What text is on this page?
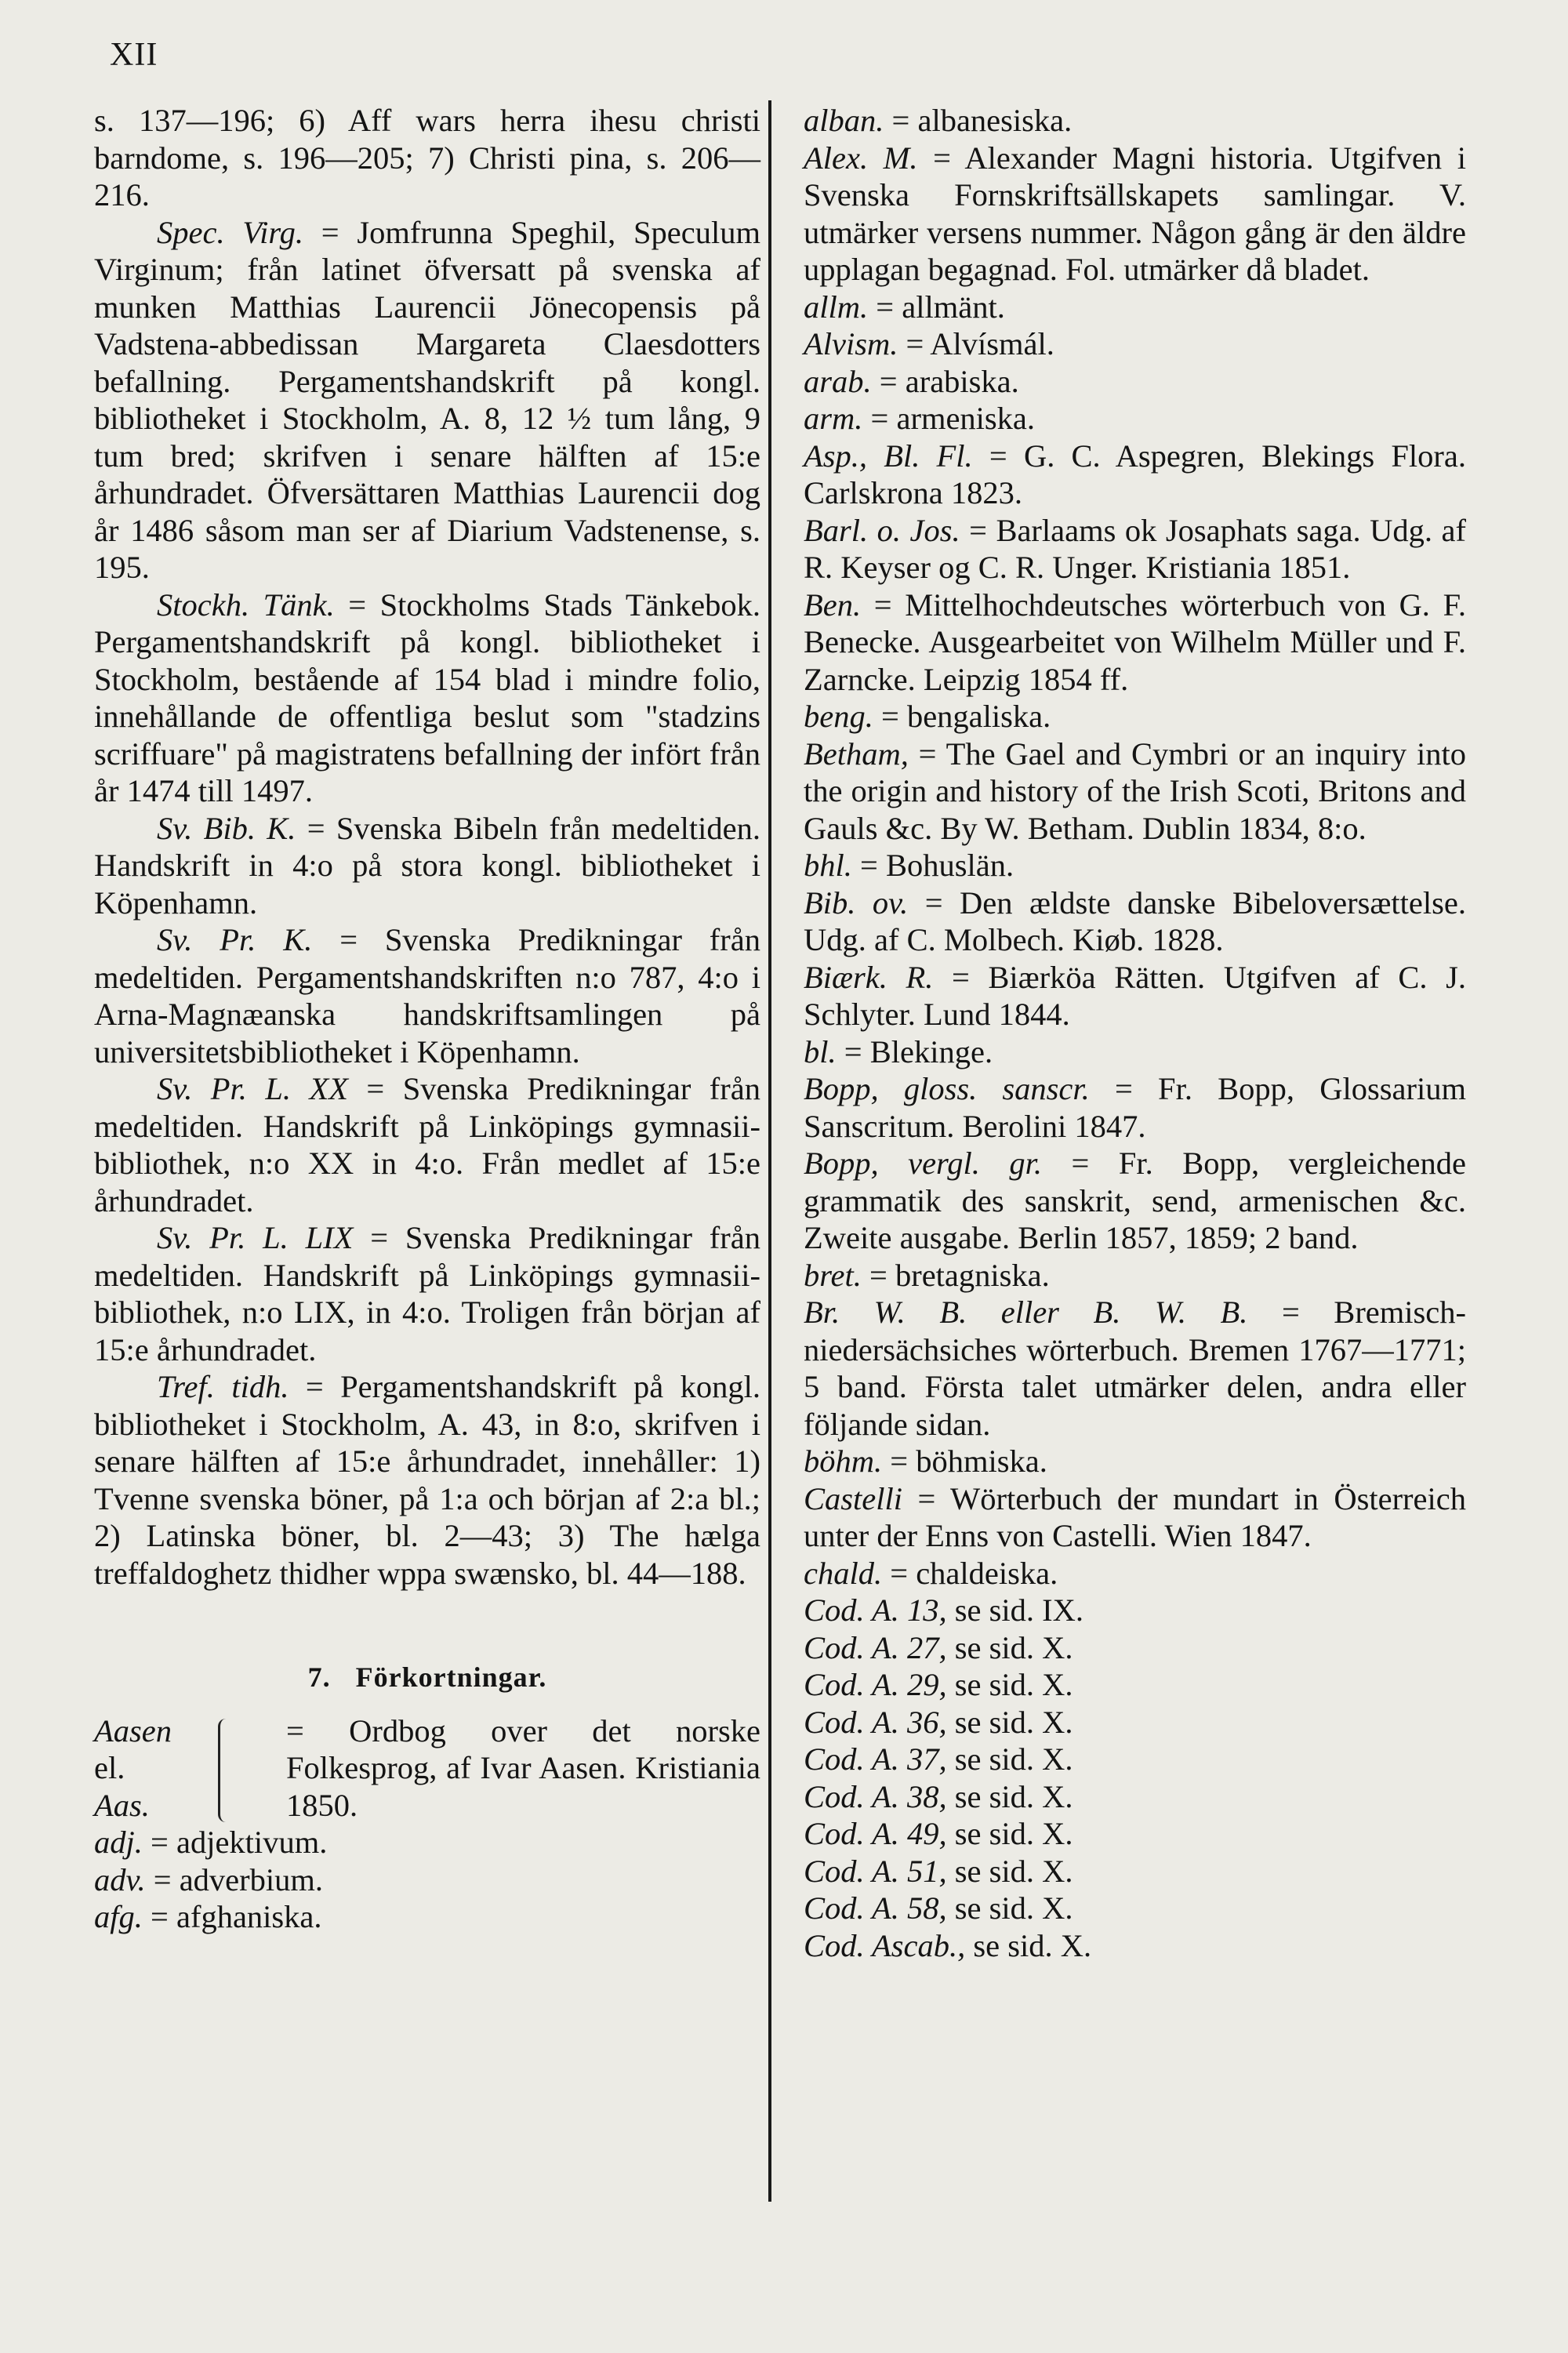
XII

s. 137—196; 6) Aff wars herra ihesu christi barndome, s. 196—205; 7) Christi pina, s. 206—216.

Spec. Virg. = Jomfrunna Speghil, Speculum Virginum; från latinet öfversatt på svenska af munken Matthias Laurencii Jönecopensis på Vadstena-abbedissan Margareta Claesdotters befallning. Pergamentshandskrift på kongl. bibliotheket i Stockholm, A. 8, 12 ½ tum lång, 9 tum bred; skrifven i senare hälften af 15:e århundradet. Öfversättaren Matthias Laurencii dog år 1486 såsom man ser af Diarium Vadstenense, s. 195.

Stockh. Tänk. = Stockholms Stads Tänkebok. Pergamentshandskrift på kongl. bibliotheket i Stockholm, bestående af 154 blad i mindre folio, innehållande de offentliga beslut som "stadzins scriffuare" på magistratens befallning der infört från år 1474 till 1497.

Sv. Bib. K. = Svenska Bibeln från medeltiden. Handskrift in 4:o på stora kongl. bibliotheket i Köpenhamn.

Sv. Pr. K. = Svenska Predikningar från medeltiden. Pergamentshandskriften n:o 787, 4:o i Arna-Magnæanska handskriftsamlingen på universitetsbibliotheket i Köpenhamn.

Sv. Pr. L. XX = Svenska Predikningar från medeltiden. Handskrift på Linköpings gymnasii-bibliothek, n:o XX in 4:o. Från medlet af 15:e århundradet.

Sv. Pr. L. LIX = Svenska Predikningar från medeltiden. Handskrift på Linköpings gymnasii-bibliothek, n:o LIX, in 4:o. Troligen från början af 15:e århundradet.

Tref. tidh. = Pergamentshandskrift på kongl. bibliotheket i Stockholm, A. 43, in 8:o, skrifven i senare hälften af 15:e århundradet, innehåller: 1) Tvenne svenska böner, på 1:a och början af 2:a bl.; 2) Latinska böner, bl. 2—43; 3) The hælga treffaldoghetz thidher wppa swænsko, bl. 44—188.

7. Förkortningar.
Aasen
el.
Aas.
= Ordbog over det norske Folkesprog, af Ivar Aasen. Kristiania 1850.

adj. = adjektivum.

adv. = adverbium.

afg. = afghaniska.

alban. = albanesiska.

Alex. M. = Alexander Magni historia. Utgifven i Svenska Fornskriftsällskapets samlingar. V. utmärker versens nummer. Någon gång är den äldre upplagan begagnad. Fol. utmärker då bladet.

allm. = allmänt.

Alvism. = Alvísmál.

arab. = arabiska.

arm. = armeniska.

Asp., Bl. Fl. = G. C. Aspegren, Blekings Flora. Carlskrona 1823.

Barl. o. Jos. = Barlaams ok Josaphats saga. Udg. af R. Keyser og C. R. Unger. Kristiania 1851.

Ben. = Mittelhochdeutsches wörterbuch von G. F. Benecke. Ausgearbeitet von Wilhelm Müller und F. Zarncke. Leipzig 1854 ff.

beng. = bengaliska.

Betham, = The Gael and Cymbri or an inquiry into the origin and history of the Irish Scoti, Britons and Gauls &c. By W. Betham. Dublin 1834, 8:o.

bhl. = Bohuslän.

Bib. ov. = Den ældste danske Bibeloversættelse. Udg. af C. Molbech. Kiøb. 1828.

Biærk. R. = Biærköa Rätten. Utgifven af C. J. Schlyter. Lund 1844.

bl. = Blekinge.

Bopp, gloss. sanscr. = Fr. Bopp, Glossarium Sanscritum. Berolini 1847.

Bopp, vergl. gr. = Fr. Bopp, vergleichende grammatik des sanskrit, send, armenischen &c. Zweite ausgabe. Berlin 1857, 1859; 2 band.

bret. = bretagniska.

Br. W. B. eller B. W. B. = Bremisch-niedersächsiches wörterbuch. Bremen 1767—1771; 5 band. Första talet utmärker delen, andra eller följande sidan.

böhm. = böhmiska.

Castelli = Wörterbuch der mundart in Österreich unter der Enns von Castelli. Wien 1847.

chald. = chaldeiska.

Cod. A. 13, se sid. IX.

Cod. A. 27, se sid. X.

Cod. A. 29, se sid. X.

Cod. A. 36, se sid. X.

Cod. A. 37, se sid. X.

Cod. A. 38, se sid. X.

Cod. A. 49, se sid. X.

Cod. A. 51, se sid. X.

Cod. A. 58, se sid. X.

Cod. Ascab., se sid. X.
